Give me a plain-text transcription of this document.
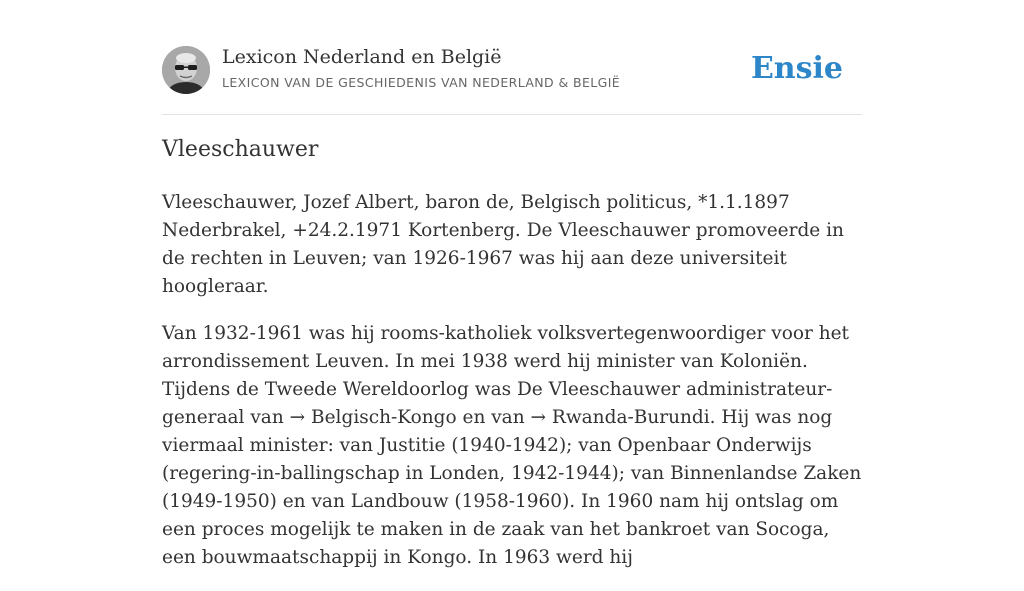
Lexicon Nederland en België
LEXICON VAN DE GESCHIEDENIS VAN NEDERLAND & BELGIË	Ensie
Vleeschauwer

Vleeschauwer, Jozef Albert, baron de, Belgisch politicus, *1.1.1897 Nederbrakel, +24.2.1971 Kortenberg. De Vleeschauwer promoveerde in de rechten in Leuven; van 1926-1967 was hij aan deze universiteit hoogleraar.

Van 1932-1961 was hij rooms-katholiek volksvertegenwoordiger voor het arrondissement Leuven. In mei 1938 werd hij minister van Koloniën. Tijdens de Tweede Wereldoorlog was De Vleeschauwer administrateur-generaal van → Belgisch-Kongo en van → Rwanda-Burundi. Hij was nog viermaal minister: van Justitie (1940-1942); van Openbaar Onderwijs (regering-in-ballingschap in Londen, 1942-1944); van Binnenlandse Zaken (1949-1950) en van Landbouw (1958-1960). In 1960 nam hij ontslag om een proces mogelijk te maken in de zaak van het bankroet van Socoga, een bouwmaatschappij in Kongo. In 1963 werd hij
